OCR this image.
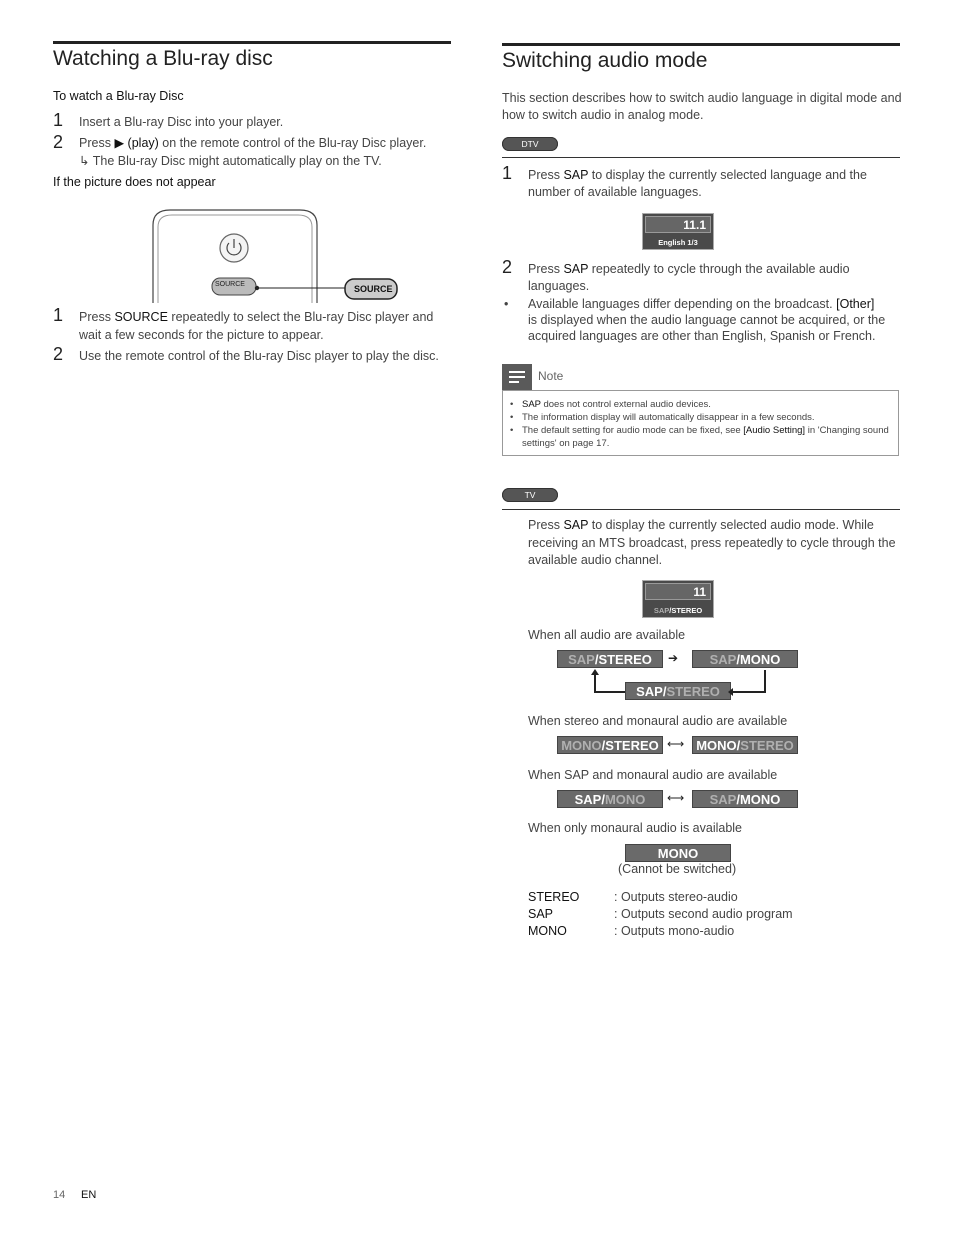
Watching a Blu-ray disc
To watch a Blu-ray Disc
1 Insert a Blu-ray Disc into your player.
2 Press ▶ (play) on the remote control of the Blu-ray Disc player.
↳ The Blu-ray Disc might automatically play on the TV.
If the picture does not appear
SOURCE	SOURCE
1 Press SOURCE repeatedly to select the Blu-ray Disc player and
wait a few seconds for the picture to appear.
2 Use the remote control of the Blu-ray Disc player to play the disc.
Switching audio mode
This section describes how to switch audio language in digital mode and
how to switch audio in analog mode.
DTV
1 Press SAP to display the currently selected language and the
number of available languages.
11.1
English 1/3
2 Press SAP repeatedly to cycle through the available audio
languages.
• Available languages differ depending on the broadcast. [Other]
is displayed when the audio language cannot be acquired, or the
acquired languages are other than English, Spanish or French.
Note
• SAP does not control external audio devices.
• The information display will automatically disappear in a few seconds.
• The default setting for audio mode can be fixed, see [Audio Setting] in 'Changing sound
settings' on page 17.
TV
Press SAP to display the currently selected audio mode. While
receiving an MTS broadcast, press repeatedly to cycle through the
available audio channel.
11
SAP/STEREO
When all audio are available
SAP/STEREO	➔	SAP/MONO
SAP/STEREO
When stereo and monaural audio are available
MONO/STEREO ⟷ MONO/STEREO
When SAP and monaural audio are available
SAP/MONO	⟷	SAP/MONO
When only monaural audio is available
MONO
(Cannot be switched)
STEREO	: Outputs stereo-audio
SAP	: Outputs second audio program
MONO	: Outputs mono-audio
14 EN
